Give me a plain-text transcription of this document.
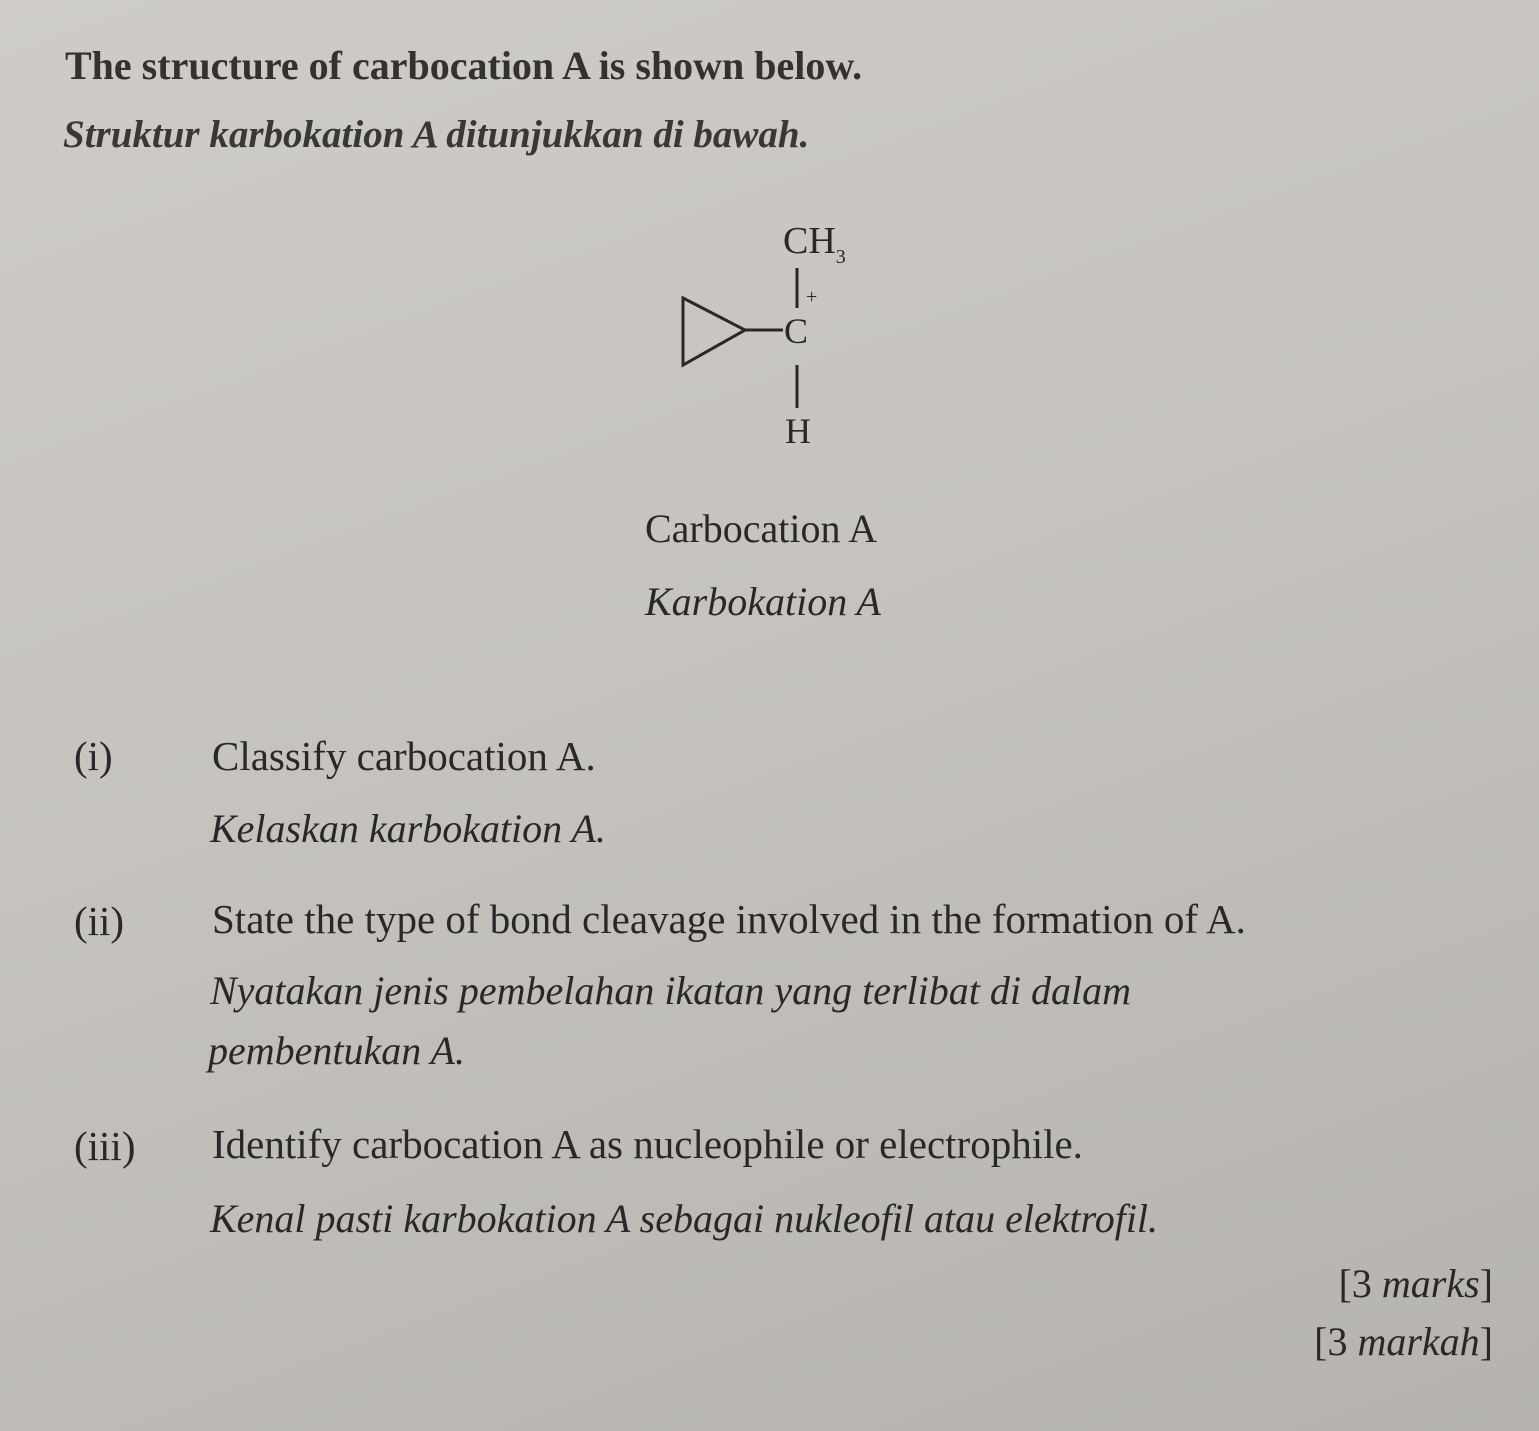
The structure of carbocation A is shown below.
Struktur karbokation A ditunjukkan di bawah.
$CH_3$
C
+
H
Carbocation A
Karbokation A
(i) Classify carbocation A.
Kelaskan karbokation A.
(ii) State the type of bond cleavage involved in the formation of A.
Nyatakan jenis pembelahan ikatan yang terlibat di dalam
pembentukan A.
(iii) Identify carbocation A as nucleophile or electrophile.
Kenal pasti karbokation A sebagai nukleofil atau elektrofil.
[3 marks]
[3 markah]
